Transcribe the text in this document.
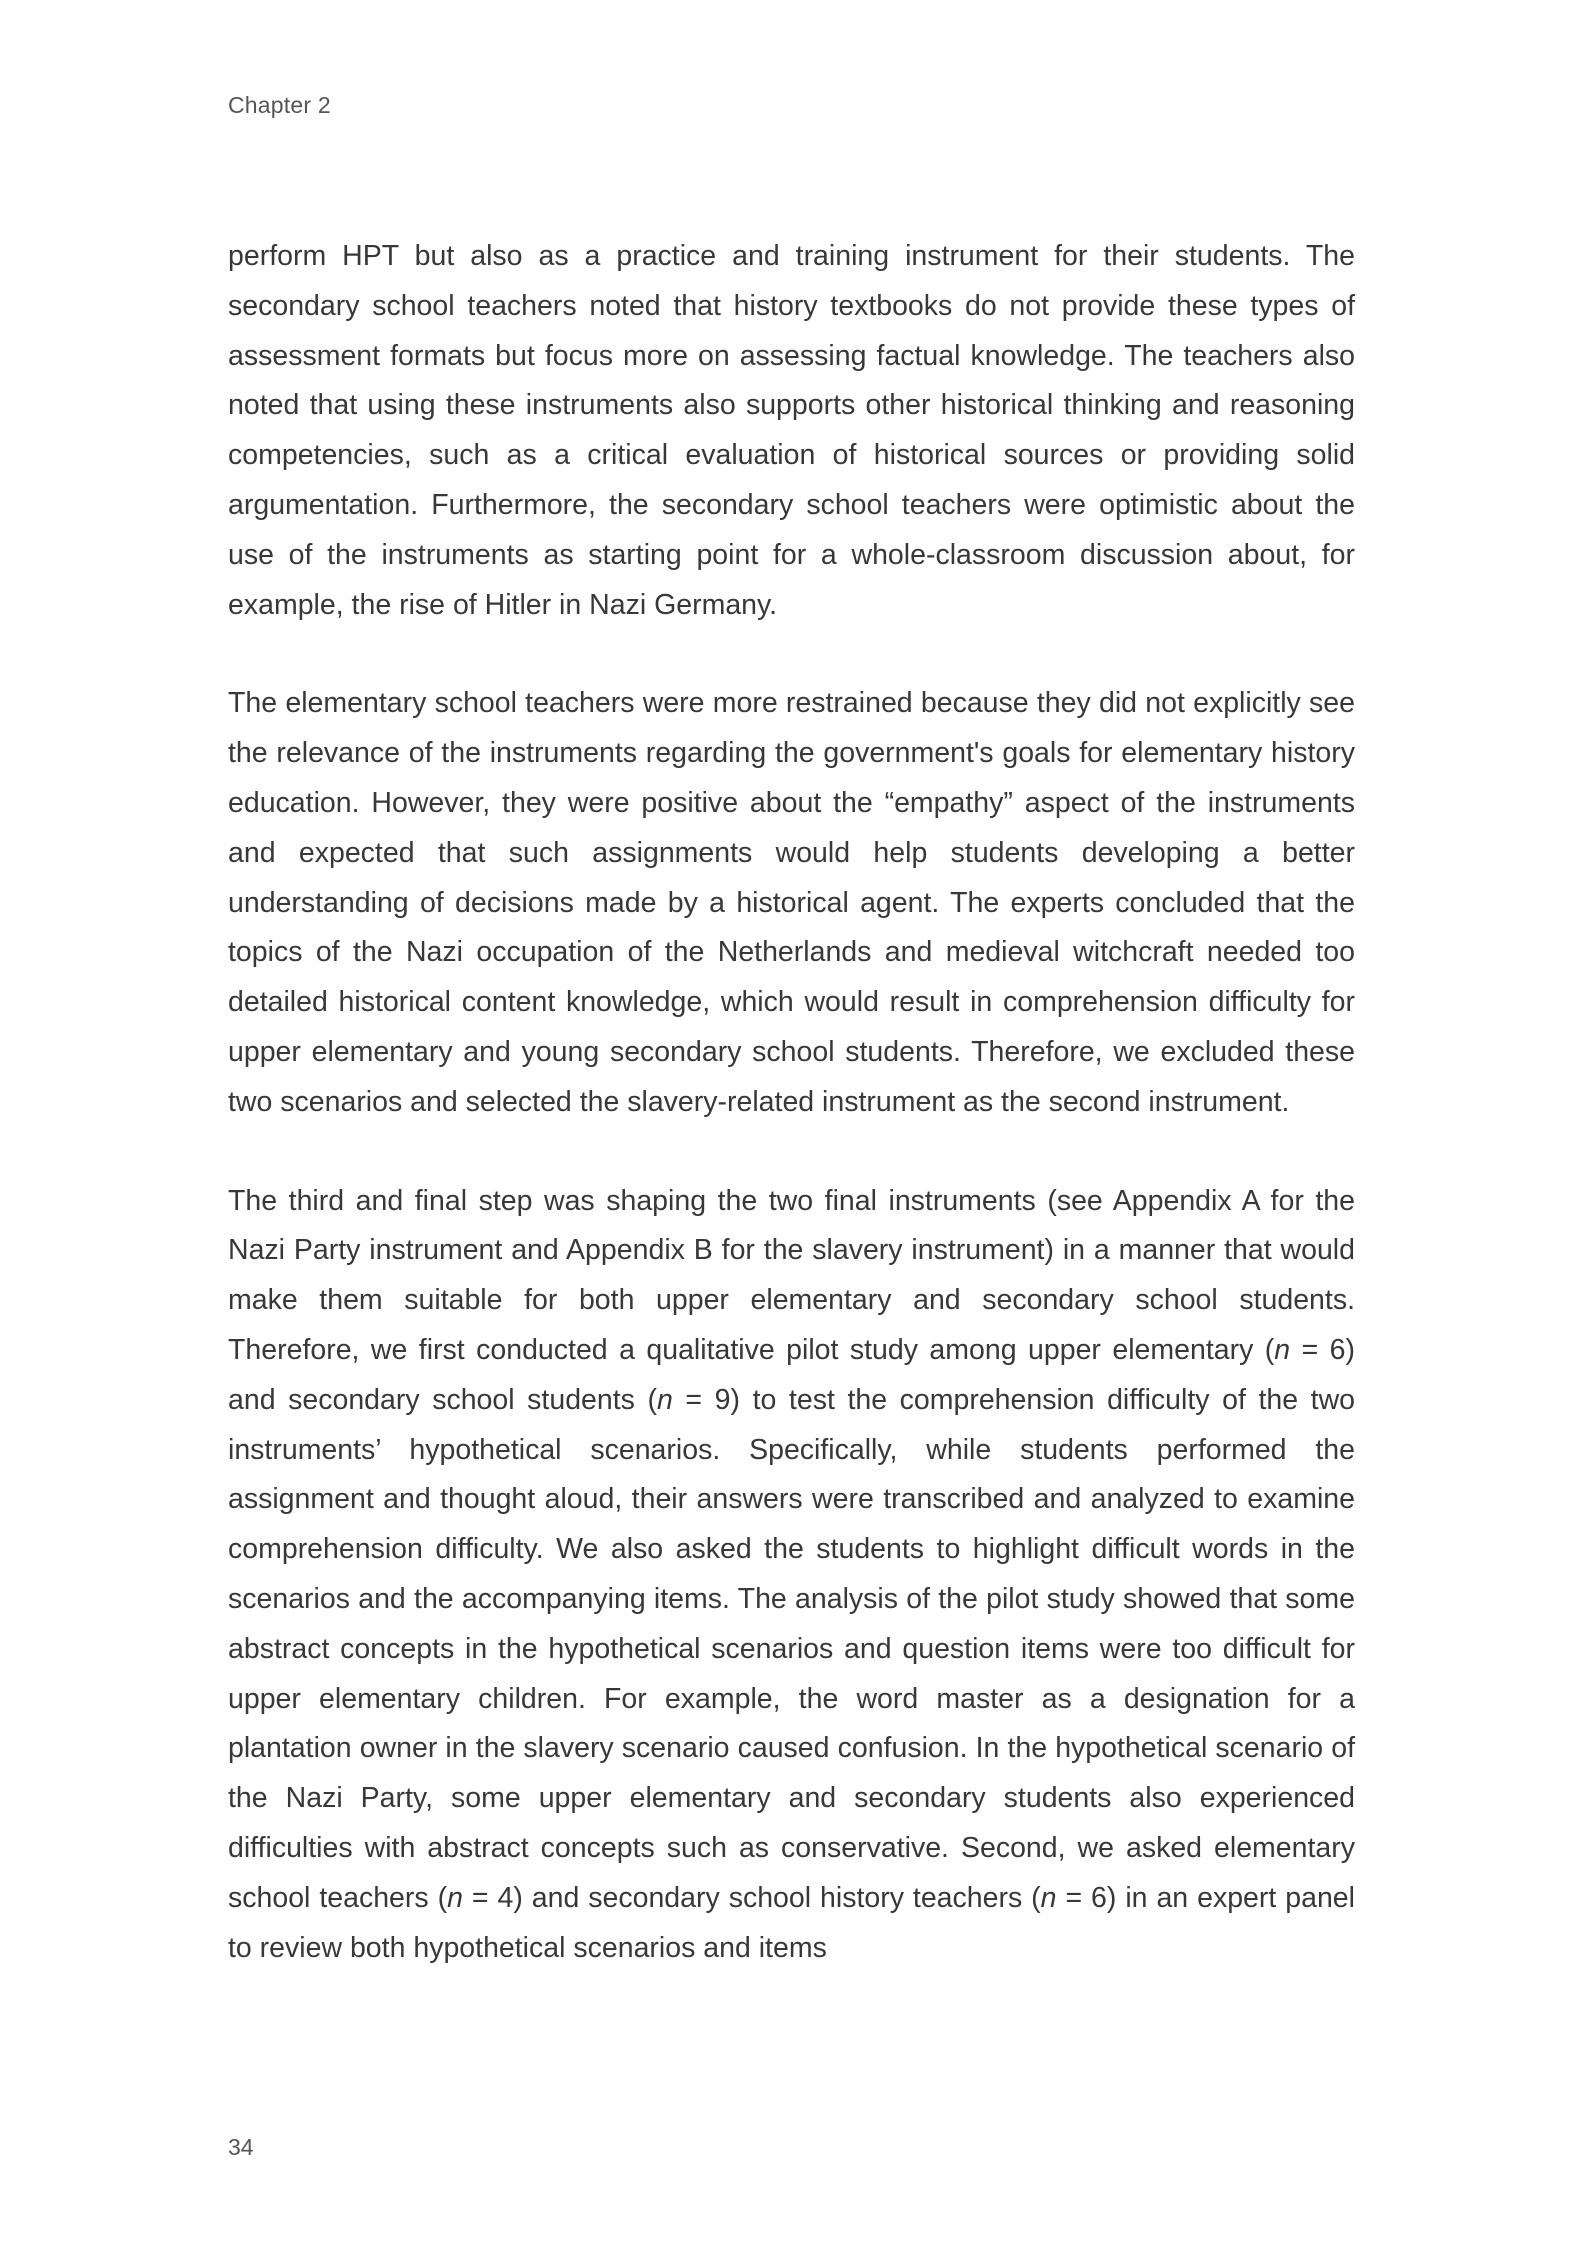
Chapter 2

perform HPT but also as a practice and training instrument for their students. The secondary school teachers noted that history textbooks do not provide these types of assessment formats but focus more on assessing factual knowledge. The teachers also noted that using these instruments also supports other historical thinking and reasoning competencies, such as a critical evaluation of historical sources or providing solid argumentation. Furthermore, the secondary school teachers were optimistic about the use of the instruments as starting point for a whole-classroom discussion about, for example, the rise of Hitler in Nazi Germany.

The elementary school teachers were more restrained because they did not explicitly see the relevance of the instruments regarding the government's goals for elementary history education. However, they were positive about the “empathy” aspect of the instruments and expected that such assignments would help students developing a better understanding of decisions made by a historical agent. The experts concluded that the topics of the Nazi occupation of the Netherlands and medieval witchcraft needed too detailed historical content knowledge, which would result in comprehension difficulty for upper elementary and young secondary school students. Therefore, we excluded these two scenarios and selected the slavery-related instrument as the second instrument.

The third and final step was shaping the two final instruments (see Appendix A for the Nazi Party instrument and Appendix B for the slavery instrument) in a manner that would make them suitable for both upper elementary and secondary school students. Therefore, we first conducted a qualitative pilot study among upper elementary (n = 6) and secondary school students (n = 9) to test the comprehension difficulty of the two instruments’ hypothetical scenarios. Specifically, while students performed the assignment and thought aloud, their answers were transcribed and analyzed to examine comprehension difficulty. We also asked the students to highlight difficult words in the scenarios and the accompanying items. The analysis of the pilot study showed that some abstract concepts in the hypothetical scenarios and question items were too difficult for upper elementary children. For example, the word master as a designation for a plantation owner in the slavery scenario caused confusion. In the hypothetical scenario of the Nazi Party, some upper elementary and secondary students also experienced difficulties with abstract concepts such as conservative. Second, we asked elementary school teachers (n = 4) and secondary school history teachers (n = 6) in an expert panel to review both hypothetical scenarios and items

34
